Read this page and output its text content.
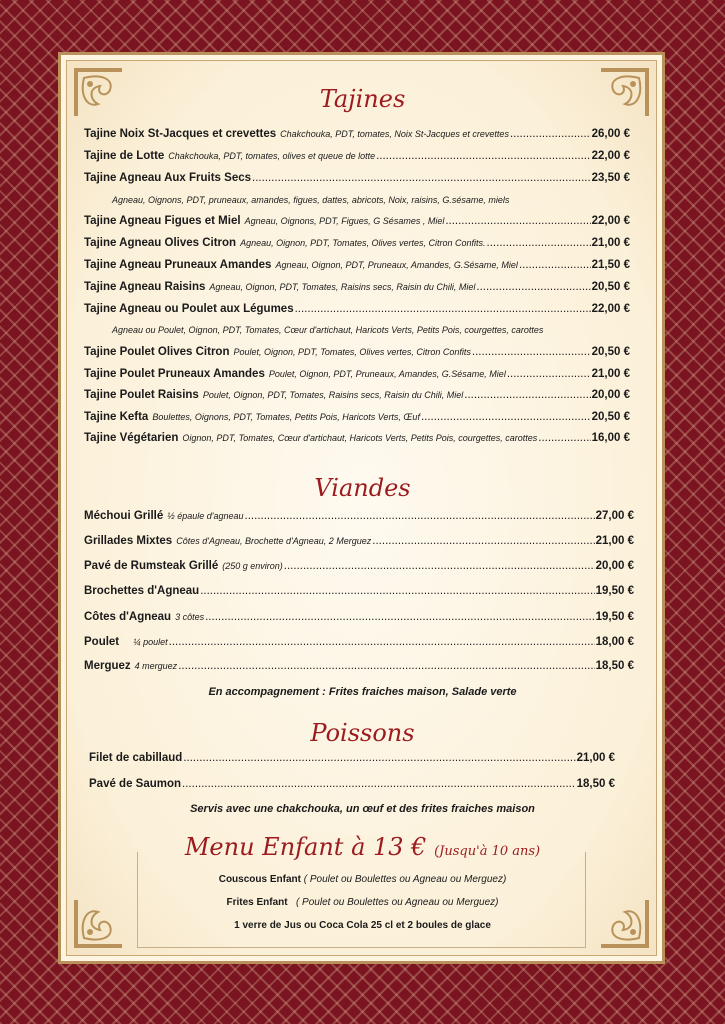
Tajines
Tajine Noix St-Jacques et crevettes Chakchouka, PDT, tomates, Noix St-Jacques et crevettes .....	26,00 €
Tajine de Lotte Chakchouka, PDT, tomates, olives et queue de lotte .....	22,00 €
Tajine Agneau Aux Fruits Secs .....	23,50 €
Agneau, Oignons, PDT, pruneaux, amandes, figues, dattes, abricots, Noix, raisins, G.sésame, miels
Tajine Agneau Figues et Miel Agneau, Oignons, PDT, Figues, G Sésames , Miel .....	22,00 €
Tajine Agneau Olives Citron Agneau, Oignon, PDT, Tomates, Olives vertes, Citron Confits. .....	21,00 €
Tajine Agneau Pruneaux Amandes Agneau, Oignon, PDT, Pruneaux, Amandes, G.Sésame, Miel .....	21,50 €
Tajine Agneau Raisins Agneau, Oignon, PDT, Tomates, Raisins secs, Raisin du Chili, Miel .....	20,50 €
Tajine Agneau ou Poulet aux Légumes .....	22,00 €
Agneau ou Poulet, Oignon, PDT, Tomates, Cœur d'artichaut, Haricots Verts, Petits Pois, courgettes, carottes
Tajine Poulet Olives Citron Poulet, Oignon, PDT, Tomates, Olives vertes, Citron Confits .....	20,50 €
Tajine Poulet Pruneaux Amandes Poulet, Oignon, PDT, Pruneaux, Amandes, G.Sésame, Miel .....	21,00 €
Tajine Poulet Raisins Poulet, Oignon, PDT, Tomates, Raisins secs, Raisin du Chili, Miel .....	20,00 €
Tajine Kefta Boulettes, Oignons, PDT, Tomates, Petits Pois, Haricots Verts, Œuf .....	20,50 €
Tajine Végétarien Oignon, PDT, Tomates, Cœur d'artichaut, Haricots Verts, Petits Pois, courgettes, carottes .....	16,00 €
Viandes
Méchoui Grillé ½ épaule d'agneau .....	27,00 €
Grillades Mixtes Côtes d'Agneau, Brochette d'Agneau, 2 Merguez .....	21,00 €
Pavé de Rumsteak Grillé (250 g environ) .....	20,00 €
Brochettes d'Agneau .....	19,50 €
Côtes d'Agneau 3 côtes .....	19,50 €
Poulet ¼ poulet .....	18,00 €
Merguez 4 merguez .....	18,50 €
En accompagnement : Frites fraiches maison, Salade verte
Poissons
Filet de cabillaud .....	21,00 €
Pavé de Saumon .....	18,50 €
Servis avec une chakchouka, un œuf et des frites fraiches maison
Menu Enfant à 13 € (Jusqu'à 10 ans)
Couscous Enfant ( Poulet ou Boulettes ou Agneau ou Merguez)
Frites Enfant ( Poulet ou Boulettes ou Agneau ou Merguez)
1 verre de Jus ou Coca Cola 25 cl et 2 boules de glace
